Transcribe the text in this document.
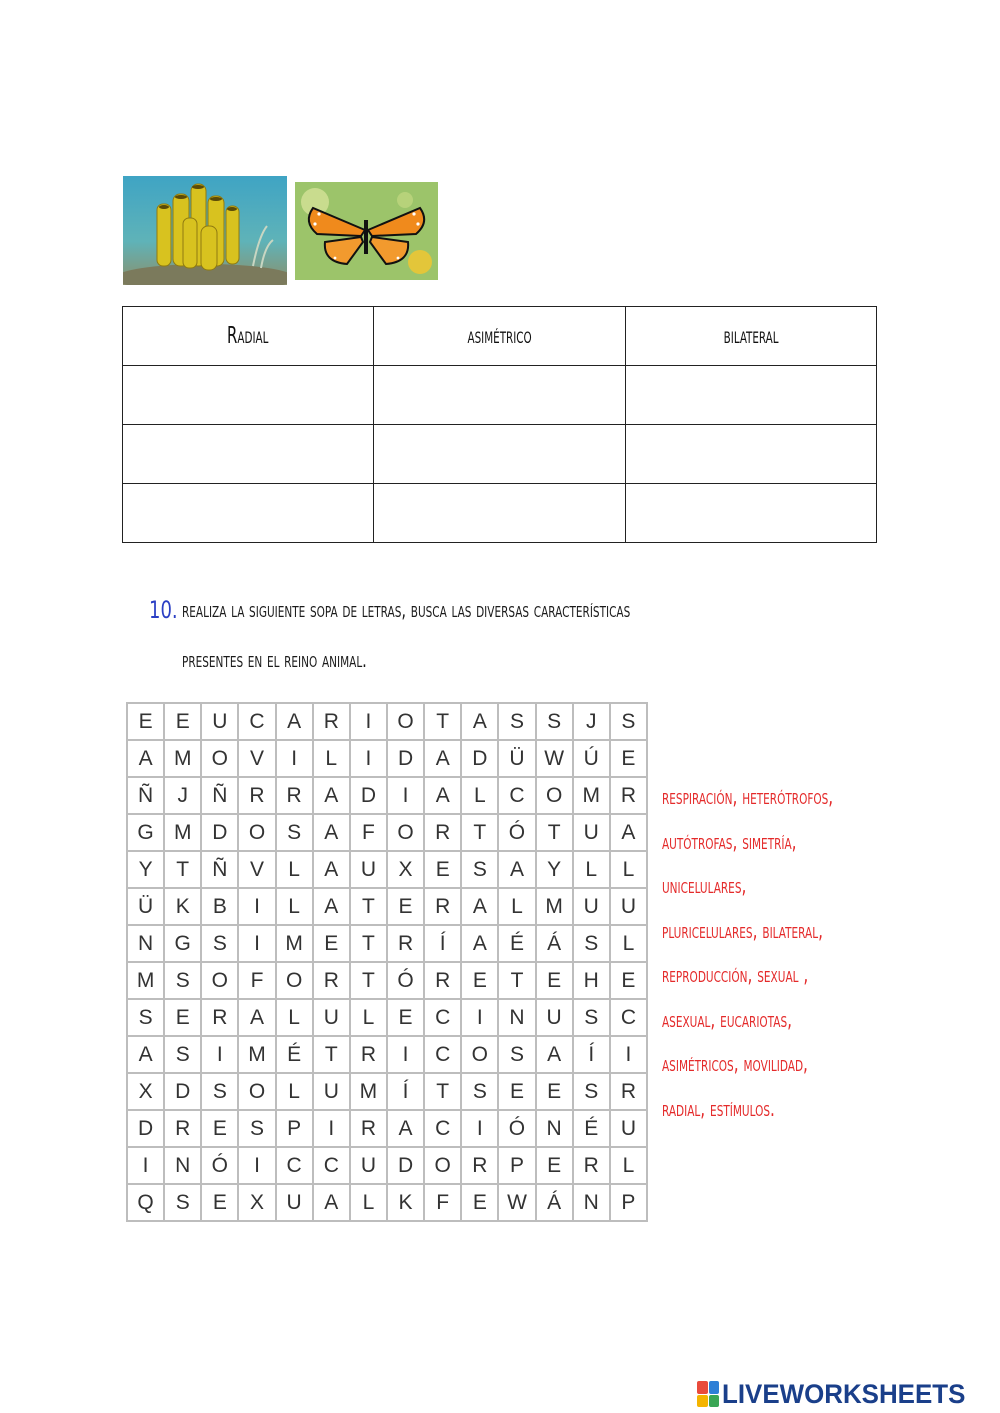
Radial	asimétrico	bilateral

10. realiza la siguiente sopa de letras, busca las diversas características
presentes en el reino animal.
E	E	U	C	A	R	I	O	T	A	S	S	J	S
A	M	O	V	I	L	I	D	A	D	Ü	W	Ú	E
Ñ	J	Ñ	R	R	A	D	I	A	L	C	O	M	R
G	M	D	O	S	A	F	O	R	T	Ó	T	U	A
Y	T	Ñ	V	L	A	U	X	E	S	A	Y	L	L
Ü	K	B	I	L	A	T	E	R	A	L	M	U	U
N	G	S	I	M	E	T	R	Í	A	É	Á	S	L
M	S	O	F	O	R	T	Ó	R	E	T	E	H	E
S	E	R	A	L	U	L	E	C	I	N	U	S	C
A	S	I	M	É	T	R	I	C	O	S	A	Í	I
X	D	S	O	L	U	M	Í	T	S	E	E	S	R
D	R	E	S	P	I	R	A	C	I	Ó	N	É	U
I	N	Ó	I	C	C	U	D	O	R	P	E	R	L
Q	S	E	X	U	A	L	K	F	E	W	Á	N	P
respiración, heterótrofos,
autótrofas, simetría,
unicelulares,
pluricelulares, bilateral,
reproducción, sexual ,
asexual, eucariotas,
asimétricos, movilidad,
radial, estímulos.
LIVEWORKSHEETS
